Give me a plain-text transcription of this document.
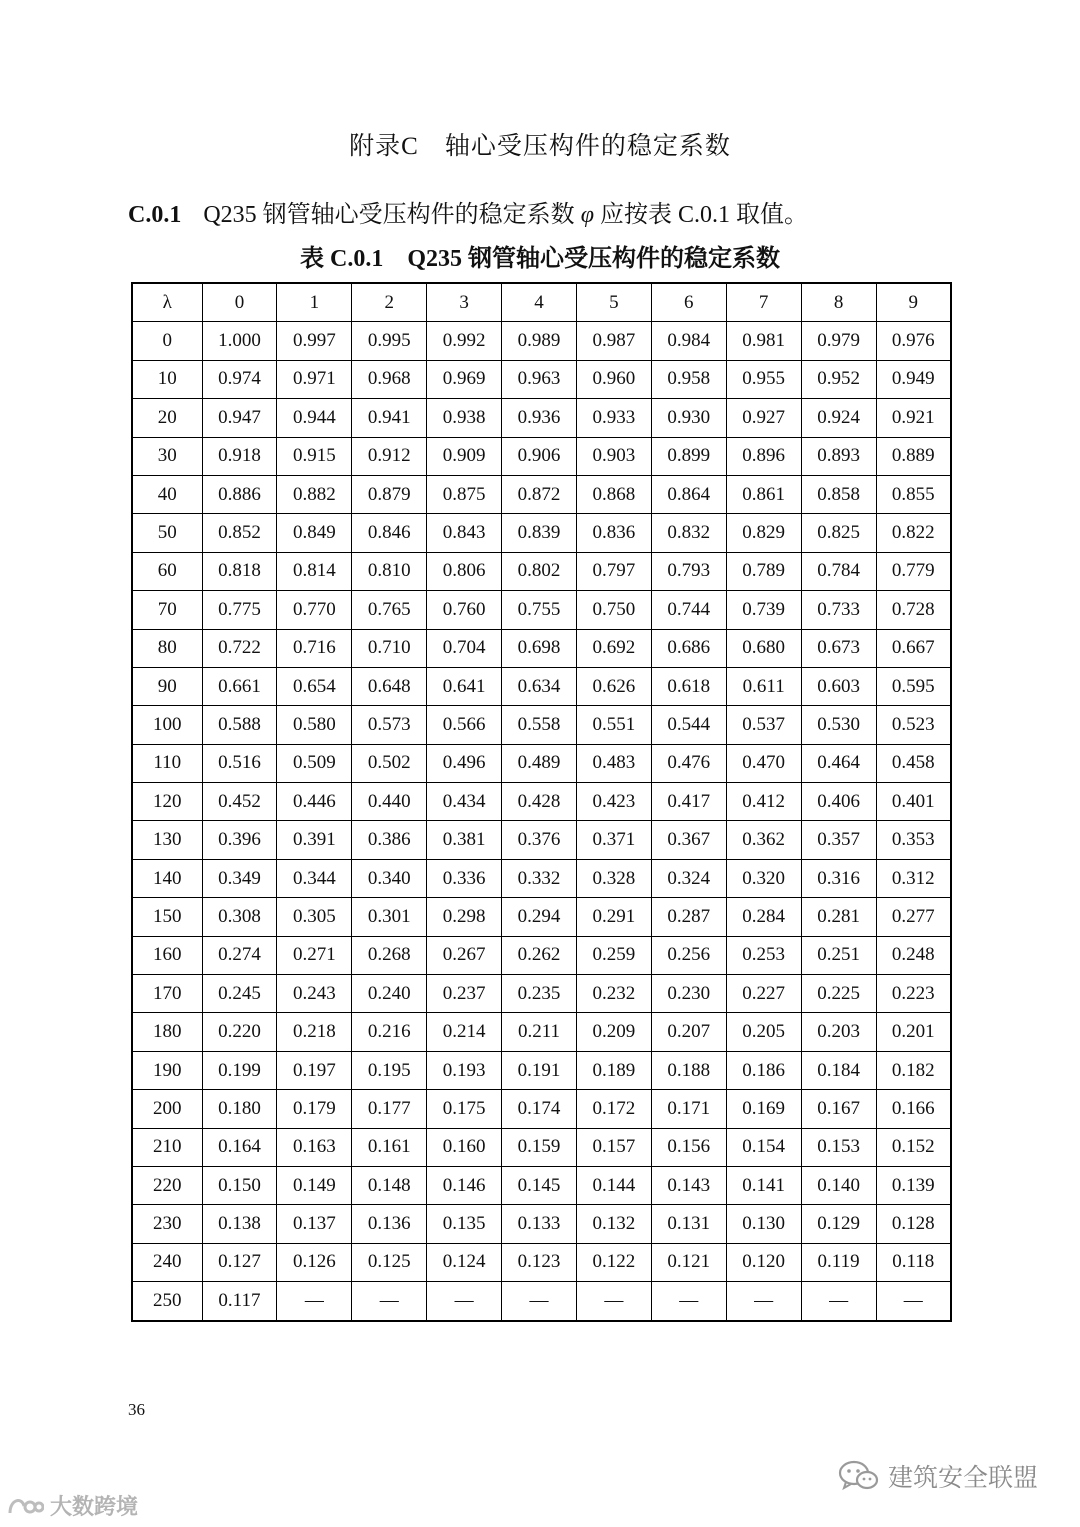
附录C　轴心受压构件的稳定系数
C.0.1 Q235 钢管轴心受压构件的稳定系数 φ 应按表 C.0.1 取值。
表 C.0.1 Q235 钢管轴心受压构件的稳定系数
λ	0	1	2	3	4	5	6	7	8	9
0	1.000	0.997	0.995	0.992	0.989	0.987	0.984	0.981	0.979	0.976
10	0.974	0.971	0.968	0.969	0.963	0.960	0.958	0.955	0.952	0.949
20	0.947	0.944	0.941	0.938	0.936	0.933	0.930	0.927	0.924	0.921
30	0.918	0.915	0.912	0.909	0.906	0.903	0.899	0.896	0.893	0.889
40	0.886	0.882	0.879	0.875	0.872	0.868	0.864	0.861	0.858	0.855
50	0.852	0.849	0.846	0.843	0.839	0.836	0.832	0.829	0.825	0.822
60	0.818	0.814	0.810	0.806	0.802	0.797	0.793	0.789	0.784	0.779
70	0.775	0.770	0.765	0.760	0.755	0.750	0.744	0.739	0.733	0.728
80	0.722	0.716	0.710	0.704	0.698	0.692	0.686	0.680	0.673	0.667
90	0.661	0.654	0.648	0.641	0.634	0.626	0.618	0.611	0.603	0.595
100	0.588	0.580	0.573	0.566	0.558	0.551	0.544	0.537	0.530	0.523
110	0.516	0.509	0.502	0.496	0.489	0.483	0.476	0.470	0.464	0.458
120	0.452	0.446	0.440	0.434	0.428	0.423	0.417	0.412	0.406	0.401
130	0.396	0.391	0.386	0.381	0.376	0.371	0.367	0.362	0.357	0.353
140	0.349	0.344	0.340	0.336	0.332	0.328	0.324	0.320	0.316	0.312
150	0.308	0.305	0.301	0.298	0.294	0.291	0.287	0.284	0.281	0.277
160	0.274	0.271	0.268	0.267	0.262	0.259	0.256	0.253	0.251	0.248
170	0.245	0.243	0.240	0.237	0.235	0.232	0.230	0.227	0.225	0.223
180	0.220	0.218	0.216	0.214	0.211	0.209	0.207	0.205	0.203	0.201
190	0.199	0.197	0.195	0.193	0.191	0.189	0.188	0.186	0.184	0.182
200	0.180	0.179	0.177	0.175	0.174	0.172	0.171	0.169	0.167	0.166
210	0.164	0.163	0.161	0.160	0.159	0.157	0.156	0.154	0.153	0.152
220	0.150	0.149	0.148	0.146	0.145	0.144	0.143	0.141	0.140	0.139
230	0.138	0.137	0.136	0.135	0.133	0.132	0.131	0.130	0.129	0.128
240	0.127	0.126	0.125	0.124	0.123	0.122	0.121	0.120	0.119	0.118
250	0.117	—	—	—	—	—	—	—	—	—
36
建筑安全联盟
大数跨境
